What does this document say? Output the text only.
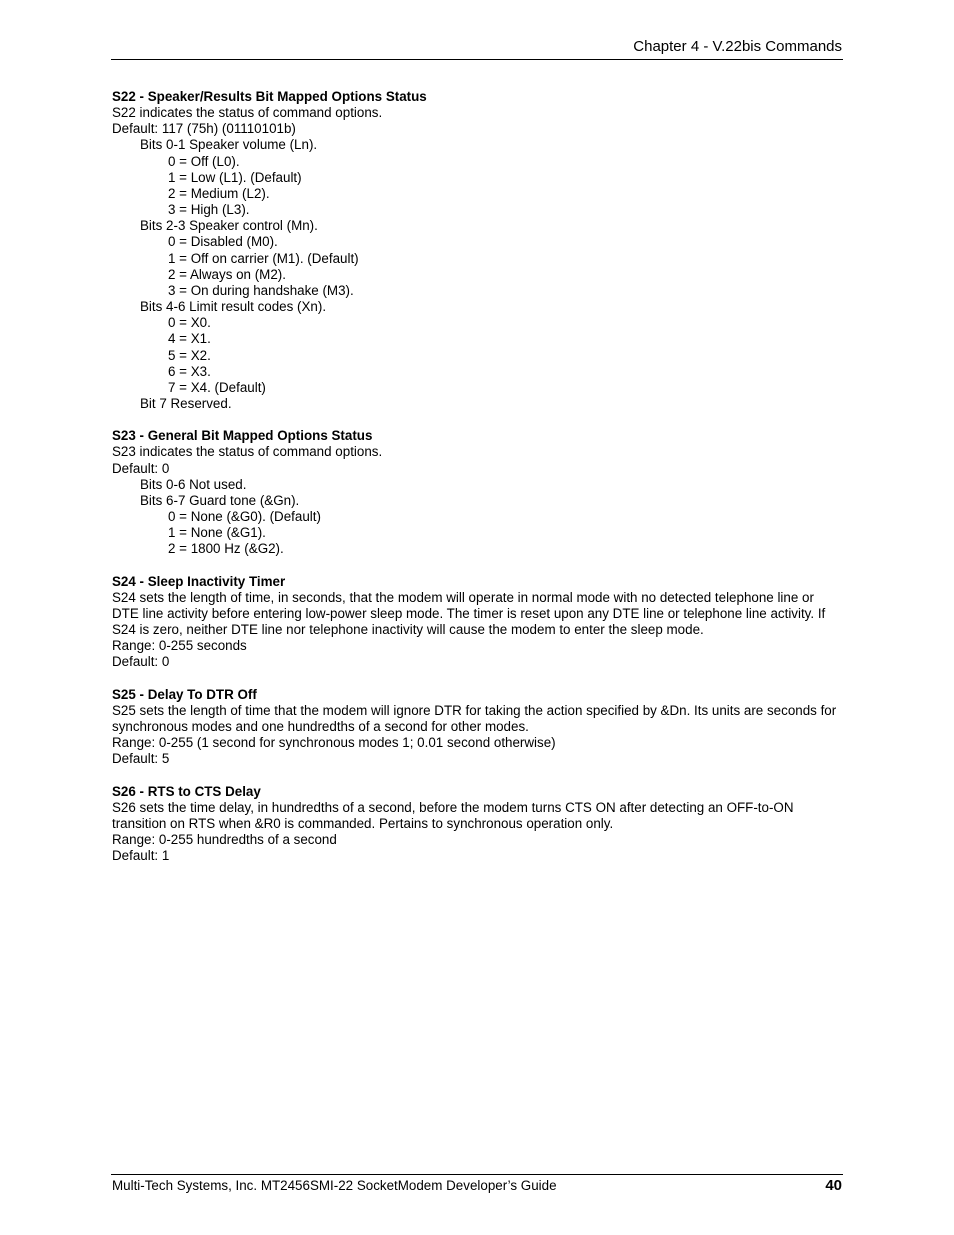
Chapter 4 - V.22bis Commands
S22 - Speaker/Results Bit Mapped Options Status
S22 indicates the status of command options.
Default: 117 (75h) (01110101b)
Bits 0-1 Speaker volume (Ln).
0 = Off (L0).
1 = Low (L1). (Default)
2 = Medium (L2).
3 = High (L3).
Bits 2-3 Speaker control (Mn).
0 = Disabled (M0).
1 = Off on carrier (M1). (Default)
2 = Always on (M2).
3 = On during handshake (M3).
Bits 4-6 Limit result codes (Xn).
0 = X0.
4 = X1.
5 = X2.
6 = X3.
7 = X4. (Default)
Bit 7 Reserved.
S23 - General Bit Mapped Options Status
S23 indicates the status of command options.
Default: 0
Bits 0-6 Not used.
Bits 6-7 Guard tone (&Gn).
0 = None (&G0). (Default)
1 = None (&G1).
2 = 1800 Hz (&G2).
S24 - Sleep Inactivity Timer
S24 sets the length of time, in seconds, that the modem will operate in normal mode with no detected telephone line or DTE line activity before entering low-power sleep mode. The timer is reset upon any DTE line or telephone line activity. If S24 is zero, neither DTE line nor telephone inactivity will cause the modem to enter the sleep mode.
Range: 0-255 seconds
Default: 0
S25 - Delay To DTR Off
S25 sets the length of time that the modem will ignore DTR for taking the action specified by &Dn. Its units are seconds for synchronous modes and one hundredths of a second for other modes.
Range: 0-255 (1 second for synchronous modes 1; 0.01 second otherwise)
Default: 5
S26 - RTS to CTS Delay
S26 sets the time delay, in hundredths of a second, before the modem turns CTS ON after detecting an OFF-to-ON transition on RTS when &R0 is commanded. Pertains to synchronous operation only.
Range: 0-255 hundredths of a second
Default: 1
Multi-Tech Systems, Inc. MT2456SMI-22 SocketModem Developer’s Guide	40
